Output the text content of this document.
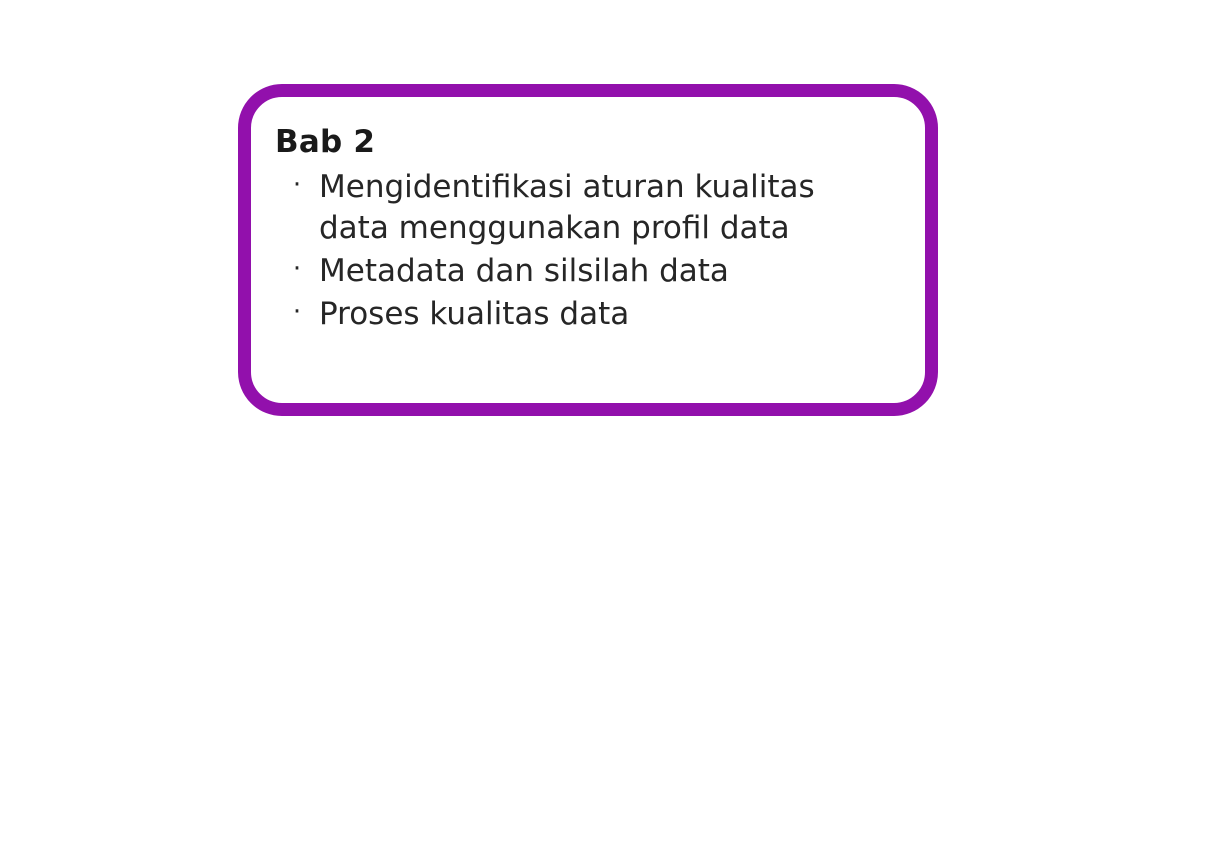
Bab 2
· Mengidentifikasi aturan kualitas data menggunakan profil data
· Metadata dan silsilah data
· Proses kualitas data
